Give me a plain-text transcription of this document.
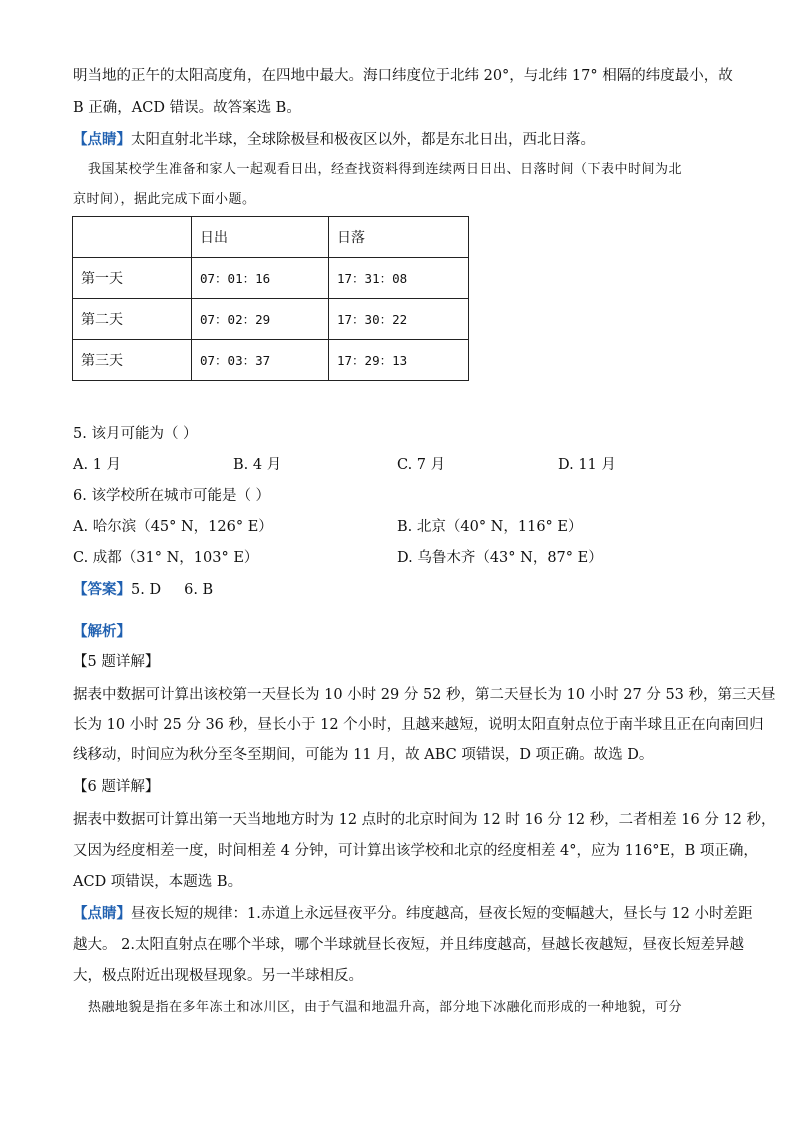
明当地的正午的太阳高度角，在四地中最大。海口纬度位于北纬 20°，与北纬 17° 相隔的纬度最小，故
B 正确，ACD 错误。故答案选 B。
【点睛】太阳直射北半球，全球除极昼和极夜区以外，都是东北日出，西北日落。
我国某校学生准备和家人一起观看日出，经查找资料得到连续两日日出、日落时间（下表中时间为北
京时间），据此完成下面小题。
	日出	日落
第一天	07：01：16	17：31：08
第二天	07：02：29	17：30：22
第三天	07：03：37	17：29：13
5. 该月可能为（ ）
A. 1 月	B. 4 月	C. 7 月	D. 11 月
6. 该学校所在城市可能是（ ）
A. 哈尔滨（45° N，126° E）	B. 北京（40° N，116° E）
C. 成都（31° N，103° E）	D. 乌鲁木齐（43° N，87° E）
【答案】5. D     6. B
【解析】
【5 题详解】
据表中数据可计算出该校第一天昼长为 10 小时 29 分 52 秒，第二天昼长为 10 小时 27 分 53 秒，第三天昼
长为 10 小时 25 分 36 秒，昼长小于 12 个小时，且越来越短，说明太阳直射点位于南半球且正在向南回归
线移动，时间应为秋分至冬至期间，可能为 11 月，故 ABC 项错误，D 项正确。故选 D。
【6 题详解】
据表中数据可计算出第一天当地地方时为 12 点时的北京时间为 12 时 16 分 12 秒，二者相差 16 分 12 秒，
又因为经度相差一度，时间相差 4 分钟，可计算出该学校和北京的经度相差 4°，应为 116°E，B 项正确，
ACD 项错误，本题选 B。
【点睛】昼夜长短的规律：1.赤道上永远昼夜平分。纬度越高，昼夜长短的变幅越大，昼长与 12 小时差距
越大。 2.太阳直射点在哪个半球，哪个半球就昼长夜短，并且纬度越高，昼越长夜越短，昼夜长短差异越
大，极点附近出现极昼现象。另一半球相反。
热融地貌是指在多年冻土和冰川区，由于气温和地温升高，部分地下冰融化而形成的一种地貌，可分
